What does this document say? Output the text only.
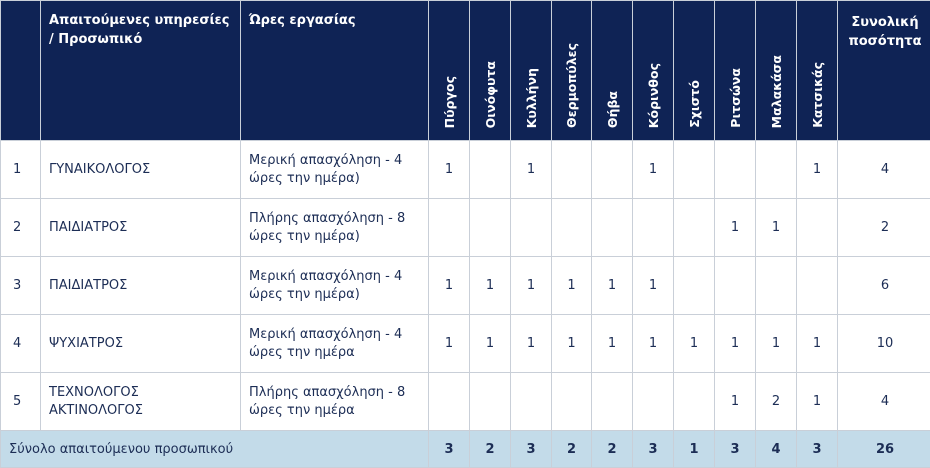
	Απαιτούμενες υπηρεσίες / Προσωπικό	Ώρες εργασίας	Πύργος	Οινόφυτα	Κυλλήνη	Θερμοπύλες	Θήβα	Κόρινθος	Σχιστό	Ριτσώνα	Μαλακάσα	Κατσικάς	Συνολική ποσότητα
1	ΓΥΝΑΙΚΟΛΟΓΟΣ	Μερική απασχόληση - 4 ώρες την ημέρα)	1		1			1				1	4
2	ΠΑΙΔΙΑΤΡΟΣ	Πλήρης απασχόληση - 8 ώρες την ημέρα)								1	1		2
3	ΠΑΙΔΙΑΤΡΟΣ	Μερική απασχόληση - 4 ώρες την ημέρα)	1	1	1	1	1	1					6
4	ΨΥΧΙΑΤΡΟΣ	Μερική απασχόληση - 4 ώρες την ημέρα	1	1	1	1	1	1	1	1	1	1	10
5	ΤΕΧΝΟΛΟΓΟΣ ΑΚΤΙΝΟΛΟΓΟΣ	Πλήρης απασχόληση - 8 ώρες την ημέρα								1	2	1	4
Σύνολο απαιτούμενου προσωπικού			3	2	3	2	2	3	1	3	4	3	26
